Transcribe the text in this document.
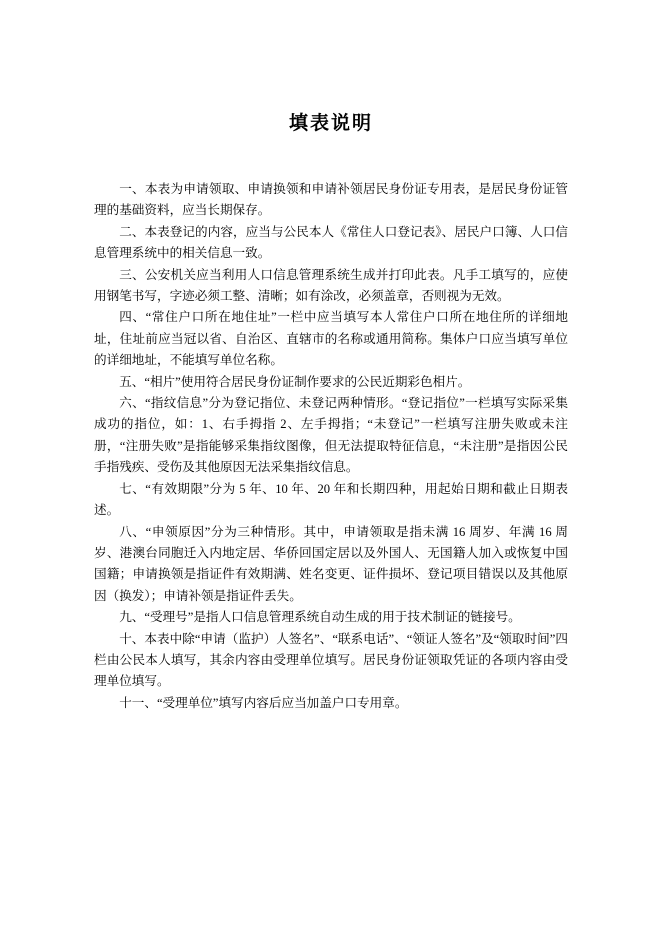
填表说明

一、本表为申请领取、申请换领和申请补领居民身份证专用表，是居民身份证管理的基础资料，应当长期保存。

二、本表登记的内容，应当与公民本人《常住人口登记表》、居民户口簿、人口信息管理系统中的相关信息一致。

三、公安机关应当利用人口信息管理系统生成并打印此表。凡手工填写的，应使用钢笔书写，字迹必须工整、清晰；如有涂改，必须盖章，否则视为无效。

四、“常住户口所在地住址”一栏中应当填写本人常住户口所在地住所的详细地址，住址前应当冠以省、自治区、直辖市的名称或通用简称。集体户口应当填写单位的详细地址，不能填写单位名称。

五、“相片”使用符合居民身份证制作要求的公民近期彩色相片。

六、“指纹信息”分为登记指位、未登记两种情形。“登记指位”一栏填写实际采集成功的指位，如：1、右手拇指 2、左手拇指；“未登记”一栏填写注册失败或未注册，“注册失败”是指能够采集指纹图像，但无法提取特征信息，“未注册”是指因公民手指残疾、受伤及其他原因无法采集指纹信息。

七、“有效期限”分为 5 年、10 年、20 年和长期四种，用起始日期和截止日期表述。

八、“申领原因”分为三种情形。其中，申请领取是指未满 16 周岁、年满 16 周岁、港澳台同胞迁入内地定居、华侨回国定居以及外国人、无国籍人加入或恢复中国国籍；申请换领是指证件有效期满、姓名变更、证件损坏、登记项目错误以及其他原因（换发）；申请补领是指证件丢失。

九、“受理号”是指人口信息管理系统自动生成的用于技术制证的链接号。

十、本表中除“申请（监护）人签名”、“联系电话”、“领证人签名”及“领取时间”四栏由公民本人填写，其余内容由受理单位填写。居民身份证领取凭证的各项内容由受理单位填写。

十一、“受理单位”填写内容后应当加盖户口专用章。
